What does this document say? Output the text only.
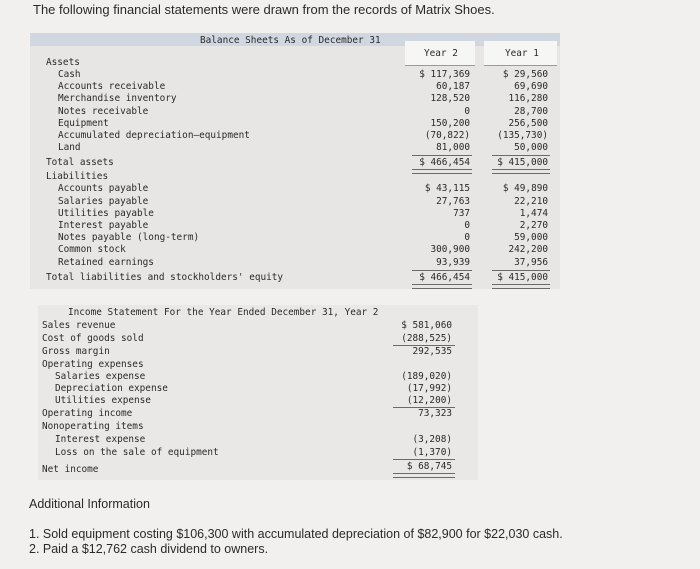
The following financial statements were drawn from the records of Matrix Shoes.
Balance Sheets As of December 31
Year 2	Year 1
Assets
Cash	$ 117,369	$ 29,560
Accounts receivable	60,187	69,690
Merchandise inventory	128,520	116,280
Notes receivable	0	28,700
Equipment	150,200	256,500
Accumulated depreciation—equipment	(70,822)	(135,730)
Land	81,000	50,000
Total assets	$ 466,454	$ 415,000
Liabilities
Accounts payable	$ 43,115	$ 49,890
Salaries payable	27,763	22,210
Utilities payable	737	1,474
Interest payable	0	2,270
Notes payable (long-term)	0	59,000
Common stock	300,900	242,200
Retained earnings	93,939	37,956
Total liabilities and stockholders' equity	$ 466,454	$ 415,000
Income Statement For the Year Ended December 31, Year 2
Sales revenue	$ 581,060
Cost of goods sold	(288,525)
Gross margin	292,535
Operating expenses
Salaries expense	(189,020)
Depreciation expense	(17,992)
Utilities expense	(12,200)
Operating income	73,323
Nonoperating items
Interest expense	(3,208)
Loss on the sale of equipment	(1,370)
Net income	$ 68,745
Additional Information
1. Sold equipment costing $106,300 with accumulated depreciation of $82,900 for $22,030 cash.
2. Paid a $12,762 cash dividend to owners.
